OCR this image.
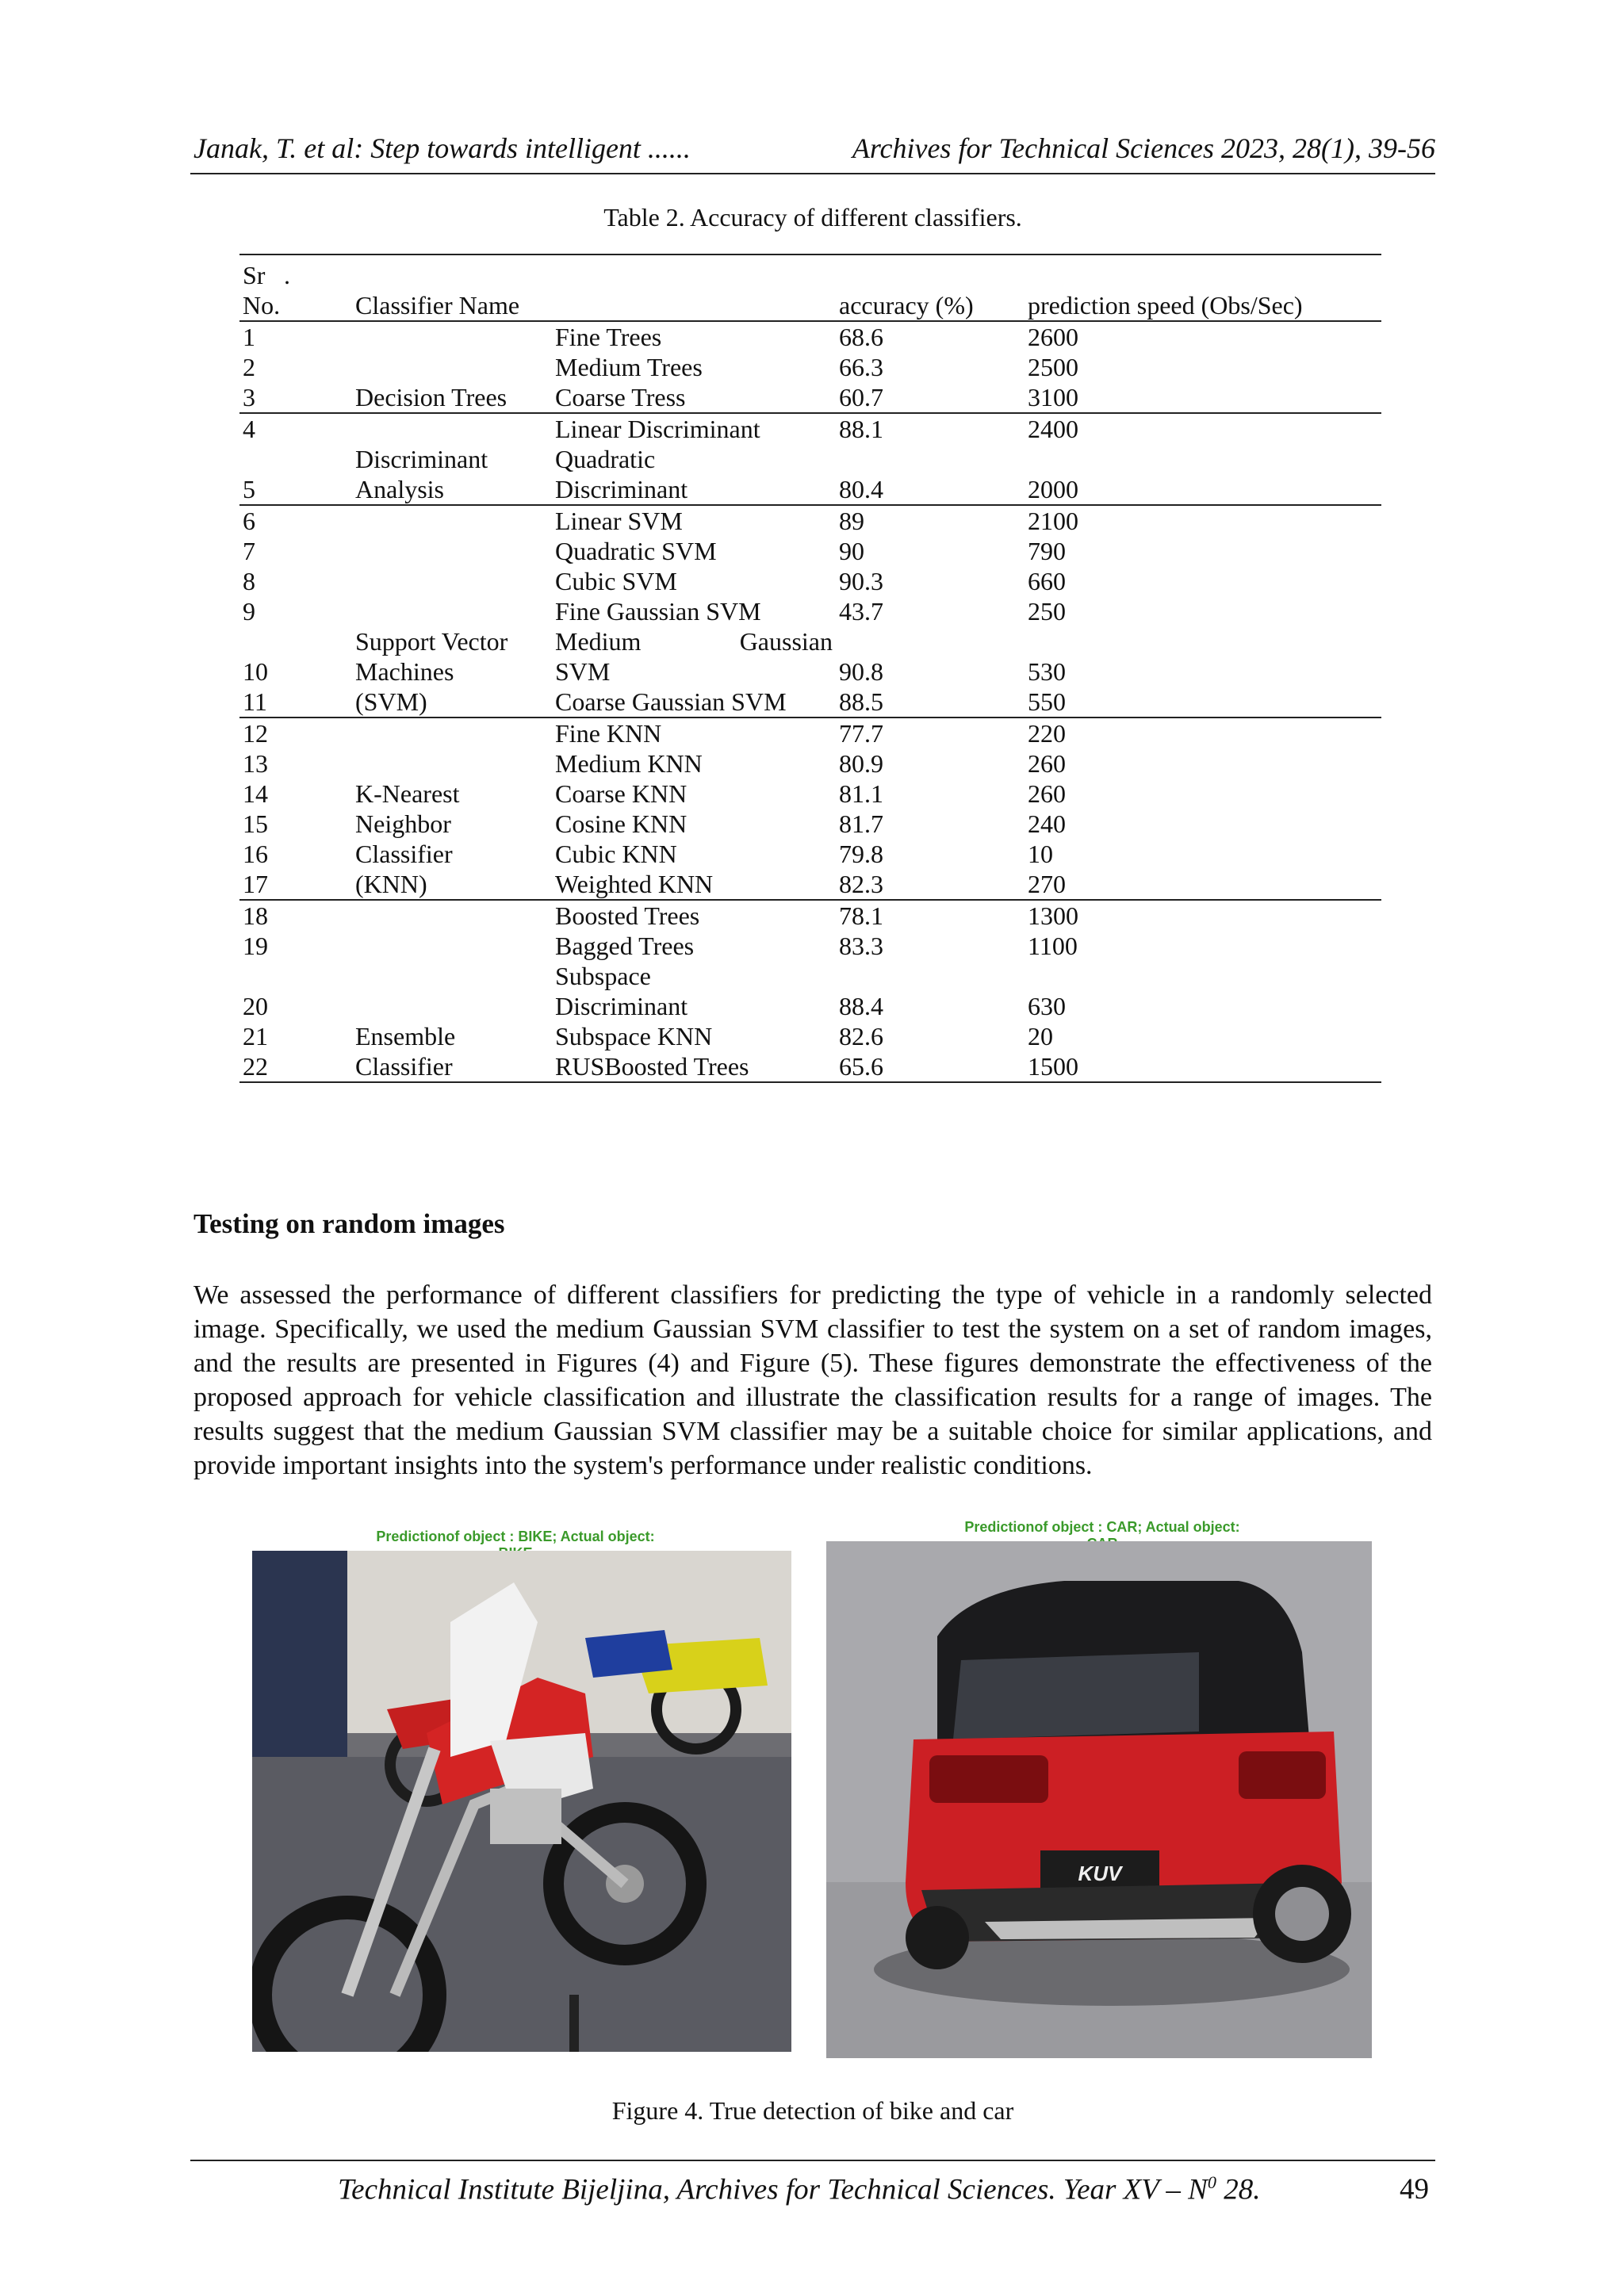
Janak, T. et al: Step towards intelligent ......	Archives for Technical Sciences 2023, 28(1), 39-56
Table 2. Accuracy of different classifiers.
Sr .
No.	Classifier Name		accuracy (%)	prediction speed (Obs/Sec)
1		Fine Trees	68.6	2600
2		Medium Trees	66.3	2500
3	Decision Trees	Coarse Tress	60.7	3100
4		Linear Discriminant	88.1	2400
	Discriminant	Quadratic		
5	Analysis	Discriminant	80.4	2000
6		Linear SVM	89	2100
7		Quadratic SVM	90	790
8		Cubic SVM	90.3	660
9		Fine Gaussian SVM	43.7	250
	Support Vector	Medium Gaussian		

10	Machines	SVM	90.8	530
11	(SVM)	Coarse Gaussian SVM	88.5	550
12		Fine KNN	77.7	220
13		Medium KNN	80.9	260
14	K-Nearest	Coarse KNN	81.1	260
15	Neighbor	Cosine KNN	81.7	240
16	Classifier	Cubic KNN	79.8	10
17	(KNN)	Weighted KNN	82.3	270
18		Boosted Trees	78.1	1300
19		Bagged Trees	83.3	1100
		Subspace		
20		Discriminant	88.4	630
21	Ensemble	Subspace KNN	82.6	20
22	Classifier	RUSBoosted Trees	65.6	1500
Testing on random images
We assessed the performance of different classifiers for predicting the type of vehicle in a randomly selected image. Specifically, we used the medium Gaussian SVM classifier to test the system on a set of random images, and the results are presented in Figures (4) and Figure (5). These figures demonstrate the effectiveness of the proposed approach for vehicle classification and illustrate the classification results for a range of images. The results suggest that the medium Gaussian SVM classifier may be a suitable choice for similar applications, and provide important insights into the system's performance under realistic conditions.
Predictionof object : BIKE; Actual object:
Predictionof object : CAR; Actual object:
KUV
Figure 4. True detection of bike and car
Technical Institute Bijeljina, Archives for Technical Sciences. Year XV – $N^0$ 28.	49
